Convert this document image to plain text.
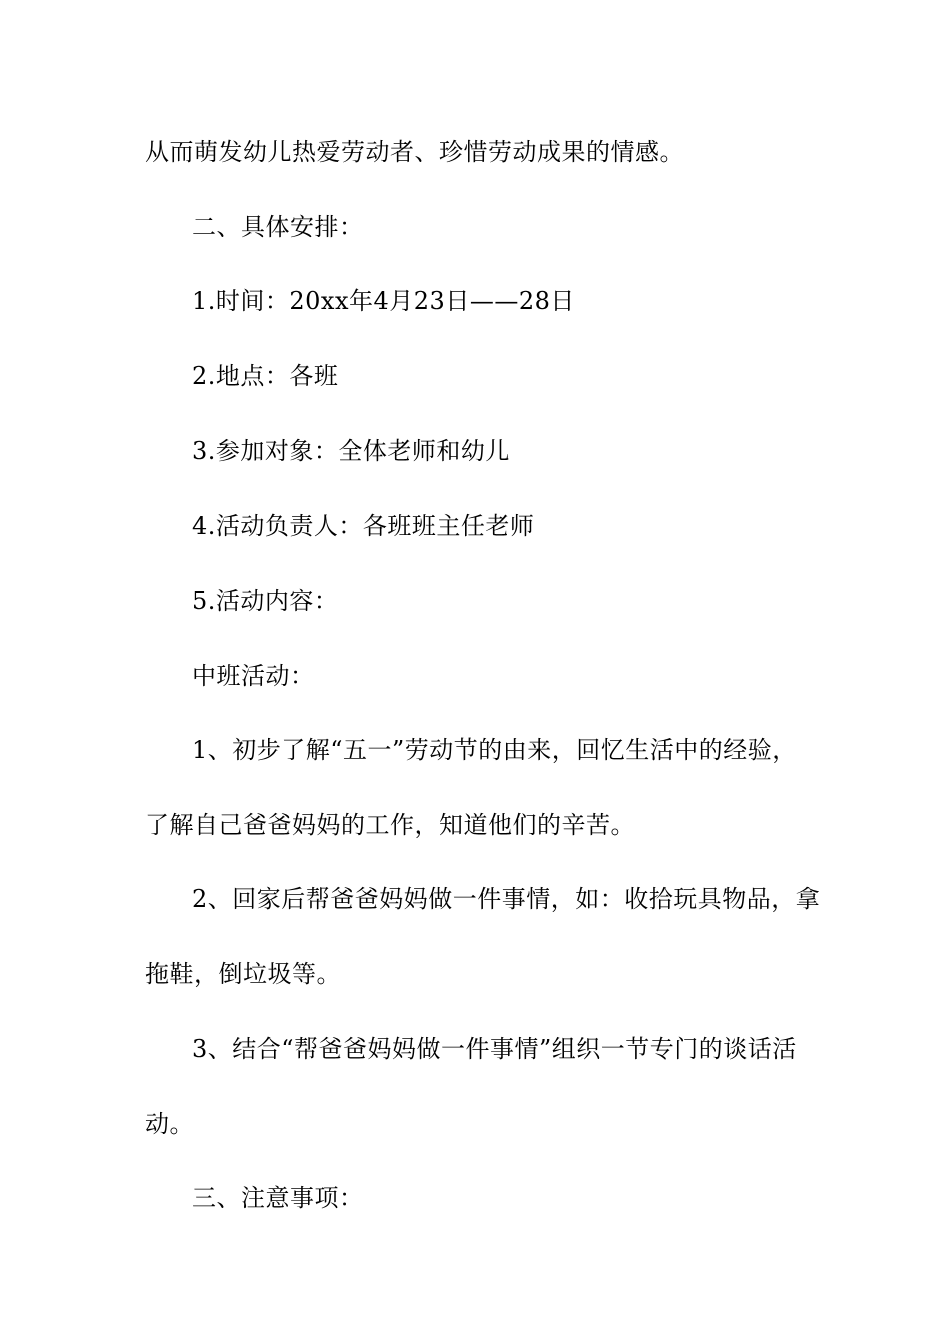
从而萌发幼儿热爱劳动者、珍惜劳动成果的情感。
二、具体安排：
1.时间：20xx年4月23日——28日
2.地点：各班
3.参加对象：全体老师和幼儿
4.活动负责人：各班班主任老师
5.活动内容：
中班活动：
1、初步了解“五一”劳动节的由来，回忆生活中的经验，
了解自己爸爸妈妈的工作，知道他们的辛苦。
2、回家后帮爸爸妈妈做一件事情，如：收拾玩具物品，拿
拖鞋，倒垃圾等。
3、结合“帮爸爸妈妈做一件事情”组织一节专门的谈话活
动。
三、注意事项：
